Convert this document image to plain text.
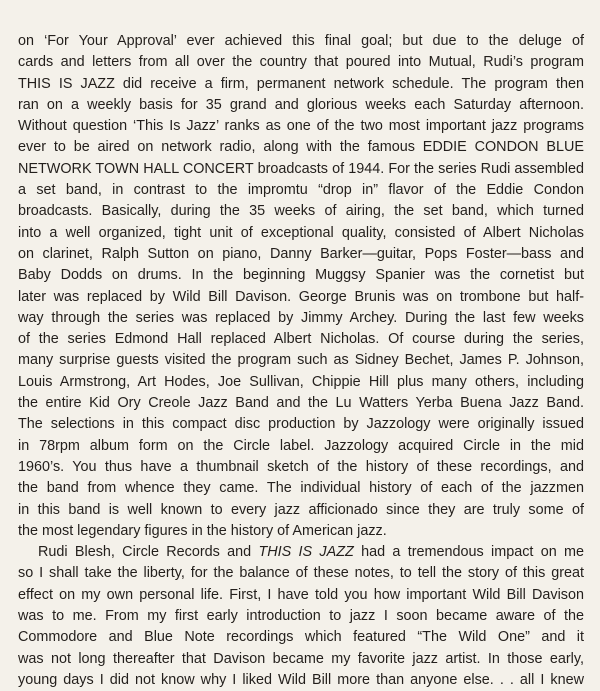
on ‘For Your Approval’ ever achieved this final goal; but due to the deluge of
cards and letters from all over the country that poured into Mutual, Rudi’s program
THIS IS JAZZ did receive a firm, permanent network schedule. The program then
ran on a weekly basis for 35 grand and glorious weeks each Saturday afternoon.
Without question ‘This Is Jazz’ ranks as one of the two most important jazz programs
ever to be aired on network radio, along with the famous EDDIE CONDON BLUE
NETWORK TOWN HALL CONCERT broadcasts of 1944. For the series Rudi assembled
a set band, in contrast to the impromtu “drop in” flavor of the Eddie Condon
broadcasts. Basically, during the 35 weeks of airing, the set band, which turned
into a well organized, tight unit of exceptional quality, consisted of Albert Nicholas
on clarinet, Ralph Sutton on piano, Danny Barker—guitar, Pops Foster—bass and
Baby Dodds on drums. In the beginning Muggsy Spanier was the cornetist but
later was replaced by Wild Bill Davison. George Brunis was on trombone but half-
way through the series was replaced by Jimmy Archey. During the last few weeks
of the series Edmond Hall replaced Albert Nicholas. Of course during the series,
many surprise guests visited the program such as Sidney Bechet, James P. Johnson,
Louis Armstrong, Art Hodes, Joe Sullivan, Chippie Hill plus many others, including
the entire Kid Ory Creole Jazz Band and the Lu Watters Yerba Buena Jazz Band.
The selections in this compact disc production by Jazzology were originally issued
in 78rpm album form on the Circle label. Jazzology acquired Circle in the mid
1960’s. You thus have a thumbnail sketch of the history of these recordings, and
the band from whence they came. The individual history of each of the jazzmen
in this band is well known to every jazz afficionado since they are truly some of
the most legendary figures in the history of American jazz.
Rudi Blesh, Circle Records and THIS IS JAZZ had a tremendous impact on me
so I shall take the liberty, for the balance of these notes, to tell the story of this great
effect on my own personal life. First, I have told you how important Wild Bill Davison
was to me. From my first early introduction to jazz I soon became aware of the
Commodore and Blue Note recordings which featured “The Wild One” and it
was not long thereafter that Davison became my favorite jazz artist. In those early,
young days I did not know why I liked Wild Bill more than anyone else. . . all I knew
